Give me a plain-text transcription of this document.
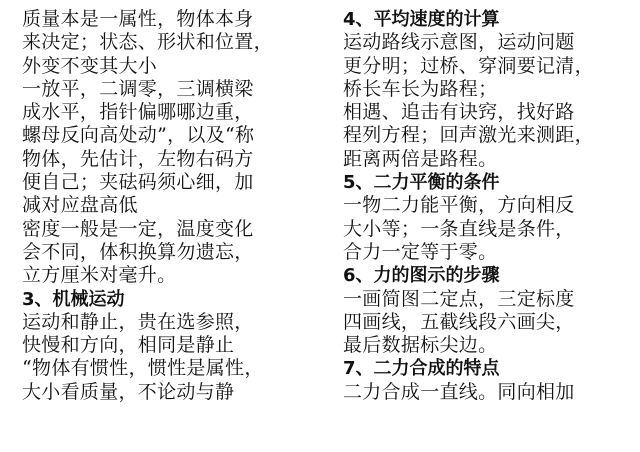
质量本是一属性，物体本身
来决定；状态、形状和位置，
外变不变其大小
一放平，二调零，三调横梁
成水平，指针偏哪哪边重，
螺母反向高处动”，以及“称
物体，先估计，左物右码方
便自己；夹砝码须心细，加
减对应盘高低
密度一般是一定，温度变化
会不同，体积换算勿遗忘，
立方厘米对毫升。
3、机械运动
运动和静止，贵在选参照，
快慢和方向，相同是静止
“物体有惯性，惯性是属性，
大小看质量，不论动与静
4、平均速度的计算
运动路线示意图，运动问题
更分明；过桥、穿洞要记清，
桥长车长为路程；
相遇、追击有诀窍，找好路
程列方程；回声激光来测距，
距离两倍是路程。
5、二力平衡的条件
一物二力能平衡，方向相反
大小等；一条直线是条件，
合力一定等于零。
6、力的图示的步骤
一画简图二定点，三定标度
四画线，五截线段六画尖，
最后数据标尖边。
7、二力合成的特点
二力合成一直线。同向相加
